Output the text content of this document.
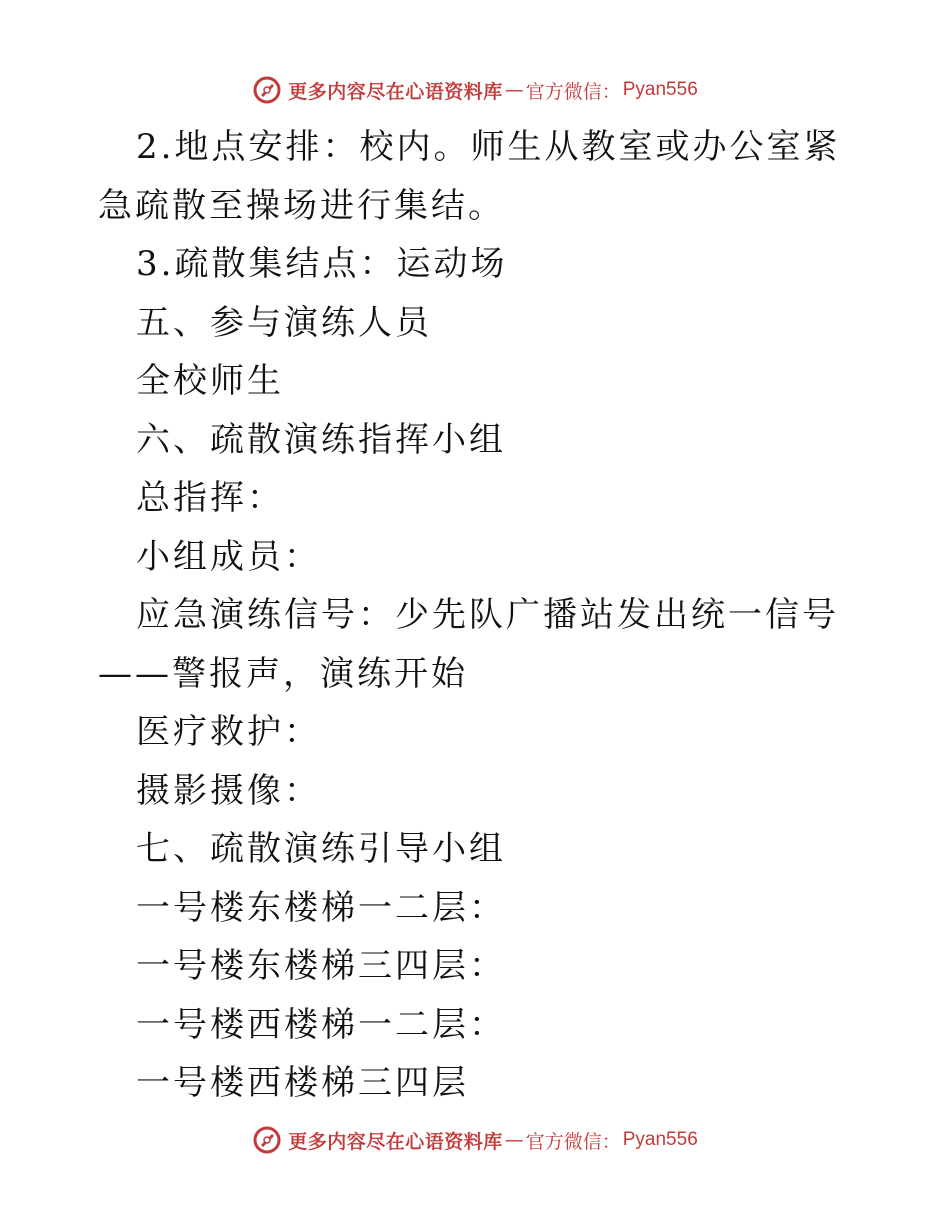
更多内容尽在心语资料库 — 官方微信： Pyan556

2.地点安排：校内。师生从教室或办公室紧急疏散至操场进行集结。

3.疏散集结点：运动场

五、参与演练人员

全校师生

六、疏散演练指挥小组

总指挥：

小组成员：

应急演练信号：少先队广播站发出统一信号——警报声，演练开始

医疗救护：

摄影摄像：

七、疏散演练引导小组

一号楼东楼梯一二层：

一号楼东楼梯三四层：

一号楼西楼梯一二层：

一号楼西楼梯三四层

更多内容尽在心语资料库 — 官方微信： Pyan556
